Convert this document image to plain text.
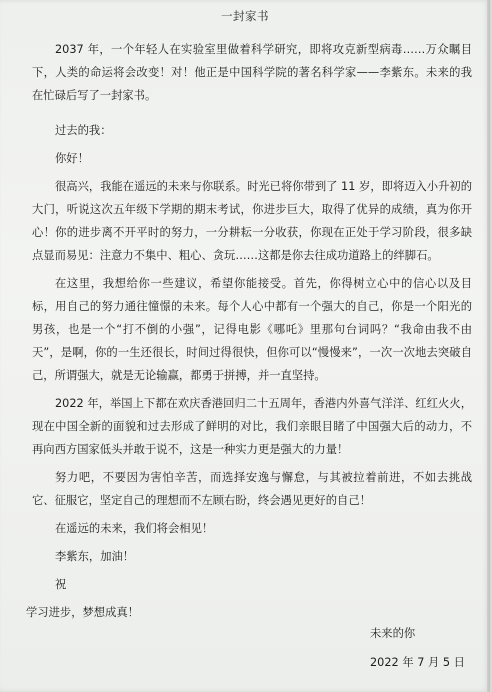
一封家书

2037 年，一个年轻人在实验室里做着科学研究，即将攻克新型病毒……万众瞩目下，人类的命运将会改变！对！他正是中国科学院的著名科学家——李紫东。未来的我在忙碌后写了一封家书。

过去的我：

你好！

很高兴，我能在遥远的未来与你联系。时光已将你带到了 11 岁，即将迈入小升初的大门，听说这次五年级下学期的期末考试，你进步巨大，取得了优异的成绩，真为你开心！你的进步离不开平时的努力，一分耕耘一分收获，你现在正处于学习阶段，很多缺点显而易见：注意力不集中、粗心、贪玩……这都是你去往成功道路上的绊脚石。

在这里，我想给你一些建议，希望你能接受。首先，你得树立心中的信心以及目标，用自己的努力通往憧憬的未来。每个人心中都有一个强大的自己，你是一个阳光的男孩，也是一个“打不倒的小强”，记得电影《哪吒》里那句台词吗？“我命由我不由天”，是啊，你的一生还很长，时间过得很快，但你可以“慢慢来”，一次一次地去突破自己，所谓强大，就是无论输赢，都勇于拼搏，并一直坚持。

2022 年，举国上下都在欢庆香港回归二十五周年，香港内外喜气洋洋、红红火火，现在中国全新的面貌和过去形成了鲜明的对比，我们亲眼目睹了中国强大后的动力，不再向西方国家低头并敢于说不，这是一种实力更是强大的力量！

努力吧，不要因为害怕辛苦，而选择安逸与懈怠，与其被拉着前进，不如去挑战它、征服它，坚定自己的理想而不左顾右盼，终会遇见更好的自己！

在遥远的未来，我们将会相见！

李紫东，加油！

祝

学习进步，梦想成真！

未来的你
2022 年 7 月 5 日
